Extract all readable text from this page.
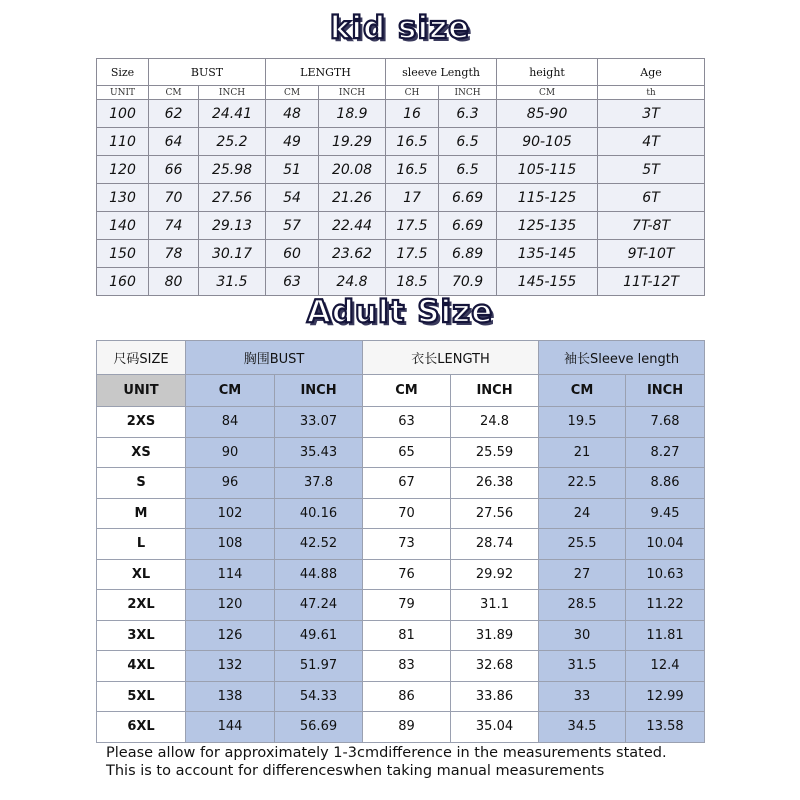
kid size
Size	BUST		LENGTH		sleeve Length		height	Age
UNIT	CM	INCH	CM	INCH	CH	INCH	CM	th
100	62	24.41	48	18.9	16	6.3	85-90	3T
110	64	25.2	49	19.29	16.5	6.5	90-105	4T
120	66	25.98	51	20.08	16.5	6.5	105-115	5T
130	70	27.56	54	21.26	17	6.69	115-125	6T
140	74	29.13	57	22.44	17.5	6.69	125-135	7T-8T
150	78	30.17	60	23.62	17.5	6.89	135-145	9T-10T
160	80	31.5	63	24.8	18.5	70.9	145-155	11T-12T
Adult Size
尺码SIZE	胸围BUST		衣长LENGTH		袖长Sleeve length	
UNIT	CM	INCH	CM	INCH	CM	INCH
2XS	84	33.07	63	24.8	19.5	7.68
XS	90	35.43	65	25.59	21	8.27
S	96	37.8	67	26.38	22.5	8.86
M	102	40.16	70	27.56	24	9.45
L	108	42.52	73	28.74	25.5	10.04
XL	114	44.88	76	29.92	27	10.63
2XL	120	47.24	79	31.1	28.5	11.22
3XL	126	49.61	81	31.89	30	11.81
4XL	132	51.97	83	32.68	31.5	12.4
5XL	138	54.33	86	33.86	33	12.99
6XL	144	56.69	89	35.04	34.5	13.58
Please allow for approximately 1-3cmdifference in the measurements stated.
This is to account for differenceswhen taking manual measurements
